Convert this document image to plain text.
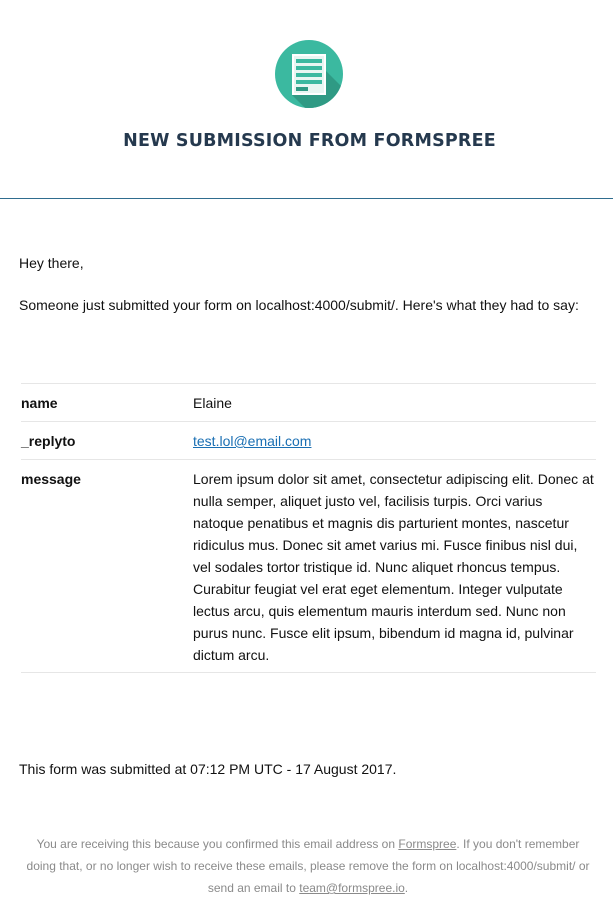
NEW SUBMISSION FROM FORMSPREE
Hey there,
Someone just submitted your form on localhost:4000/submit/. Here's what they had to say:
name	Elaine
_replyto	test.lol@email.com
message	Lorem ipsum dolor sit amet, consectetur adipiscing elit. Donec at nulla semper, aliquet justo vel, facilisis turpis. Orci varius natoque penatibus et magnis dis parturient montes, nascetur ridiculus mus. Donec sit amet varius mi. Fusce finibus nisl dui, vel sodales tortor tristique id. Nunc aliquet rhoncus tempus. Curabitur feugiat vel erat eget elementum. Integer vulputate lectus arcu, quis elementum mauris interdum sed. Nunc non purus nunc. Fusce elit ipsum, bibendum id magna id, pulvinar dictum arcu.
This form was submitted at 07:12 PM UTC - 17 August 2017.
You are receiving this because you confirmed this email address on Formspree. If you don't remember doing that, or no longer wish to receive these emails, please remove the form on localhost:4000/submit/ or send an email to team@formspree.io.
